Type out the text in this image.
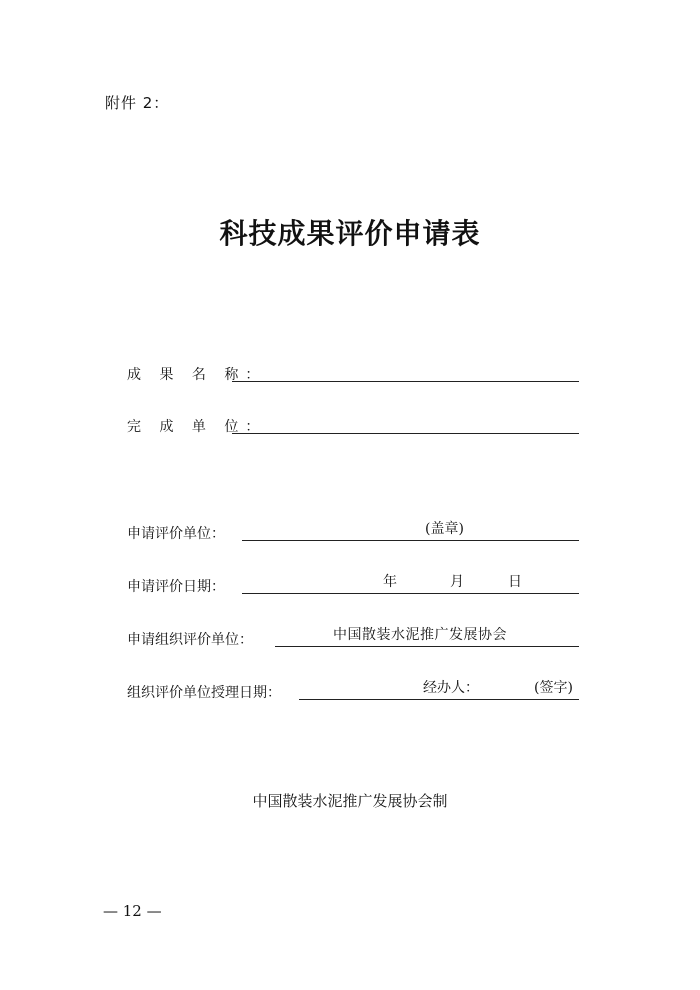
附件 2：
科技成果评价申请表
成 果 名 称：
完 成 单 位：
申请评价单位：	(盖章)
申请评价日期：	年	月	日
申请组织评价单位：	中国散装水泥推广发展协会
组织评价单位授理日期：	经办人：	(签字)
中国散装水泥推广发展协会制
— 12 —
